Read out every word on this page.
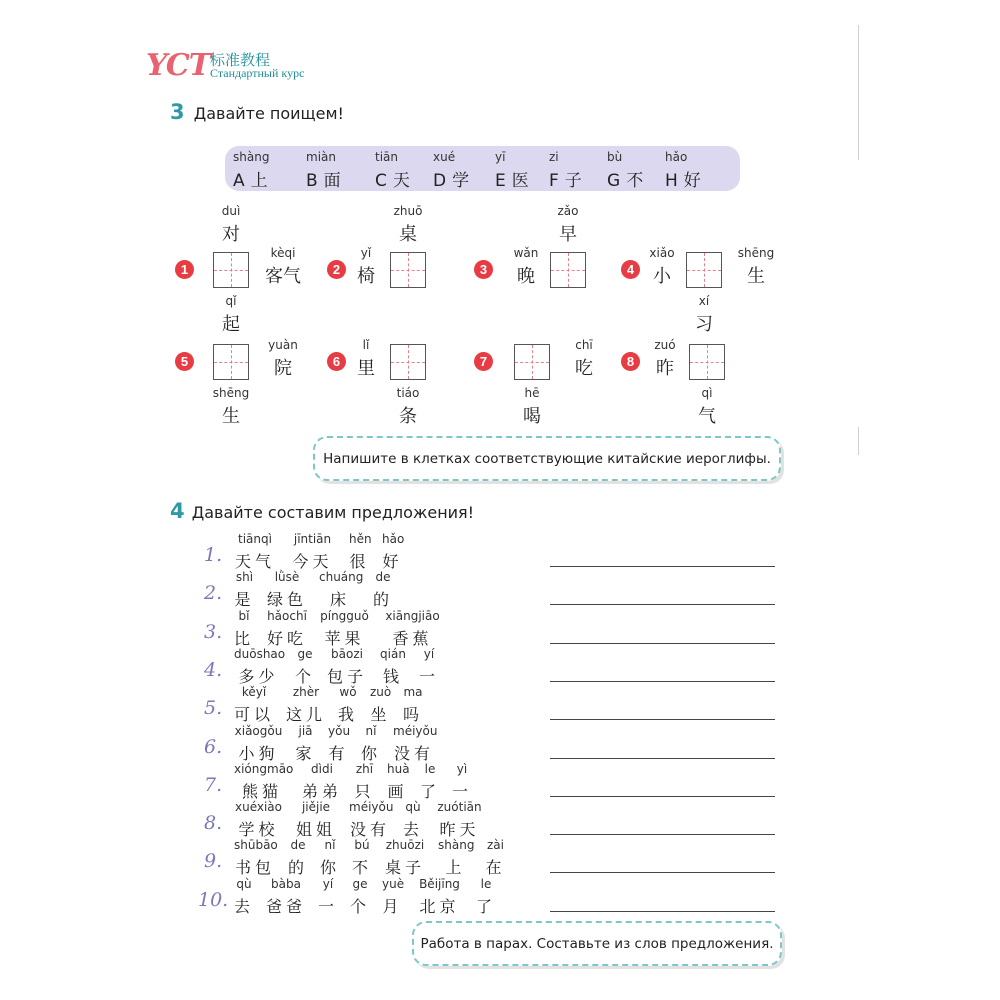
YCT 标准教程
Стандартный курс
3 Давайте поищем!
shàng
A 上
miàn
B 面
tiān
C 天
xué
D 学
yī
E 医
zi
F 子
bù
G 不
hǎo
H 好
1
duì
对
qǐ
起
kèqi
客气	2
zhuō
桌
yǐ
椅	3
zǎo
早
wǎn
晚	4
xí
习
xiǎo
小
shēng
生
5
shēng
生
yuàn
院	6
tiáo
条
lǐ
里	7
hē
喝
chī
吃	8
qì
气
zuó
昨
Напишите в клетках соответствующие китайские иероглифы.
4 Давайте составим предложения!
1.
tiānqì
天气
jīntiān
今天
hěn
很
hǎo
好
2.
shì
是
lǜsè
绿色
chuáng
床
de
的
3.
bǐ
比
hǎochī
好吃
píngguǒ
苹果
xiāngjiāo
香蕉
4.
duōshao
多少
ge
个
bāozi
包子
qián
钱
yí
一
5.
kěyǐ
可以
zhèr
这儿
wǒ
我
zuò
坐
ma
吗
6.
xiǎogǒu
小狗
jiā
家
yǒu
有
nǐ
你
méiyǒu
没有
7.
xióngmāo
熊猫
dìdi
弟弟
zhī
只
huà
画
le
了
yì
一
8.
xuéxiào
学校
jiějie
姐姐
méiyǒu
没有
qù
去
zuótiān
昨天
9.
shūbāo
书包
de
的
nǐ
你
bú
不
zhuōzi
桌子
shàng
上
zài
在
10.
qù
去
bàba
爸爸
yí
一
ge
个
yuè
月
Běijīng
北京
le
了
Работа в парах. Составьте из слов предложения.
